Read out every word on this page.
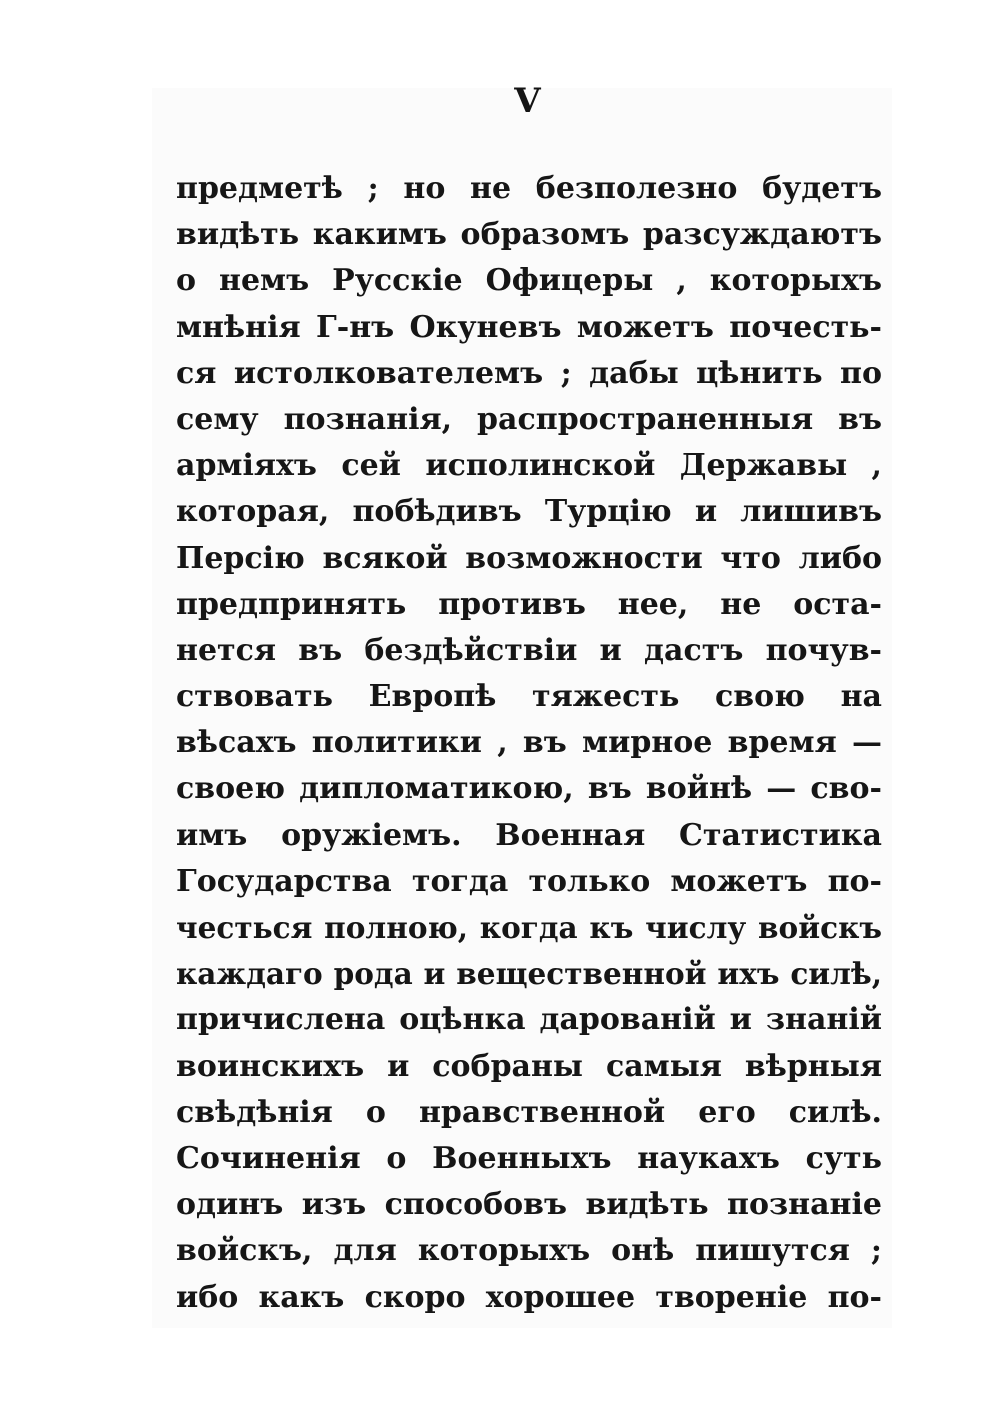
V
предметѣ ; но не безполезно будетъ
видѣть какимъ образомъ разсуждаютъ
о немъ Русскіе Офицеры , которыхъ
мнѣнія Г-нъ Окуневъ можетъ почесть-
ся истолкователемъ ; дабы цѣнить по
сему познанія, распространенныя въ
арміяхъ сей исполинской Державы ,
которая, побѣдивъ Турцію и лишивъ
Персію всякой возможности что либо
предпринять противъ нее, не оста-
нется въ бездѣйствіи и дастъ почув-
ствовать Европѣ тяжесть свою на
вѣсахъ политики , въ мирное время —
своею дипломатикою, въ войнѣ — сво-
имъ оружіемъ. Военная Статистика
Государства тогда только можетъ по-
честься полною, когда къ числу войскъ
каждаго рода и вещественной ихъ силѣ,
причислена оцѣнка дарованій и знаній
воинскихъ и собраны самыя вѣрныя
свѣдѣнія о нравственной его силѣ.
Сочиненія о Военныхъ наукахъ суть
одинъ изъ способовъ видѣть познаніе
войскъ, для которыхъ онѣ пишутся ;
ибо какъ скоро хорошее твореніе по-
